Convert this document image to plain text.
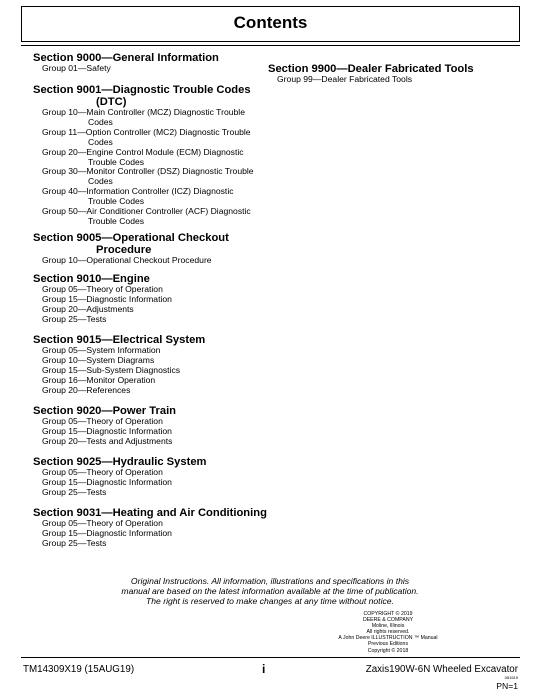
Contents
Section 9000—General Information
Group 01—Safety
Section 9001—Diagnostic Trouble Codes
(DTC)
Group 10—Main Controller (MCZ) Diagnostic Trouble Codes
Group 11—Option Controller (MC2) Diagnostic Trouble Codes
Group 20—Engine Control Module (ECM) Diagnostic Trouble Codes
Group 30—Monitor Controller (DSZ) Diagnostic Trouble Codes
Group 40—Information Controller (ICZ) Diagnostic Trouble Codes
Group 50—Air Conditioner Controller (ACF) Diagnostic Trouble Codes
Section 9005—Operational Checkout
Procedure
Group 10—Operational Checkout Procedure
Section 9010—Engine
Group 05—Theory of Operation
Group 15—Diagnostic Information
Group 20—Adjustments
Group 25—Tests
Section 9015—Electrical System
Group 05—System Information
Group 10—System Diagrams
Group 15—Sub-System Diagnostics
Group 16—Monitor Operation
Group 20—References
Section 9020—Power Train
Group 05—Theory of Operation
Group 15—Diagnostic Information
Group 20—Tests and Adjustments
Section 9025—Hydraulic System
Group 05—Theory of Operation
Group 15—Diagnostic Information
Group 25—Tests
Section 9031—Heating and Air Conditioning
Group 05—Theory of Operation
Group 15—Diagnostic Information
Group 25—Tests
Section 9900—Dealer Fabricated Tools
Group 99—Dealer Fabricated Tools
Original Instructions. All information, illustrations and specifications in this
manual are based on the latest information available at the time of publication.
The right is reserved to make changes at any time without notice.
COPYRIGHT © 2019
DEERE & COMPANY
Moline, Illinois
All rights reserved.
A John Deere ILLUSTRUCTION ™ Manual
Previous Editions
Copyright © 2018
TM14309X19 (15AUG19)	i	Zaxis190W-6N Wheeled Excavator
081519
PN=1
